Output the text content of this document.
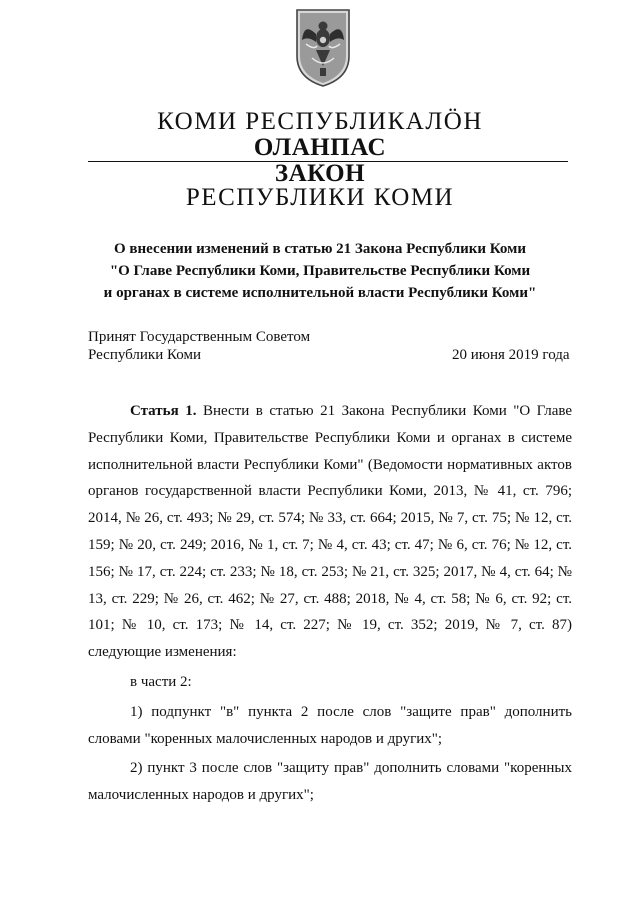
КОМИ РЕСПУБЛИКАЛӦН
ОЛАНПАС
ЗАКОН
РЕСПУБЛИКИ КОМИ
О внесении изменений в статью 21 Закона Республики Коми
"О Главе Республики Коми, Правительстве Республики Коми
и органах в системе исполнительной власти Республики Коми"
Принят Государственным Советом
Республики Коми	20 июня 2019 года

Статья 1. Внести в статью 21 Закона Республики Коми "О Главе Республики Коми, Правительстве Республики Коми и органах в системе исполнительной власти Республики Коми" (Ведомости нормативных актов органов государственной власти Республики Коми, 2013, № 41, ст. 796; 2014, № 26, ст. 493; № 29, ст. 574; № 33, ст. 664; 2015, № 7, ст. 75; № 12, ст. 159; № 20, ст. 249; 2016, № 1, ст. 7; № 4, ст. 43; ст. 47; № 6, ст. 76; № 12, ст. 156; № 17, ст. 224; ст. 233; № 18, ст. 253; № 21, ст. 325; 2017, № 4, ст. 64; № 13, ст. 229; № 26, ст. 462; № 27, ст. 488; 2018, № 4, ст. 58; № 6, ст. 92; ст. 101; № 10, ст. 173; № 14, ст. 227; № 19, ст. 352; 2019, № 7, ст. 87) следующие изменения:

в части 2:

1) подпункт "в" пункта 2 после слов "защите прав" дополнить словами "коренных малочисленных народов и других";

2) пункт 3 после слов "защиту прав" дополнить словами "коренных малочисленных народов и других";
